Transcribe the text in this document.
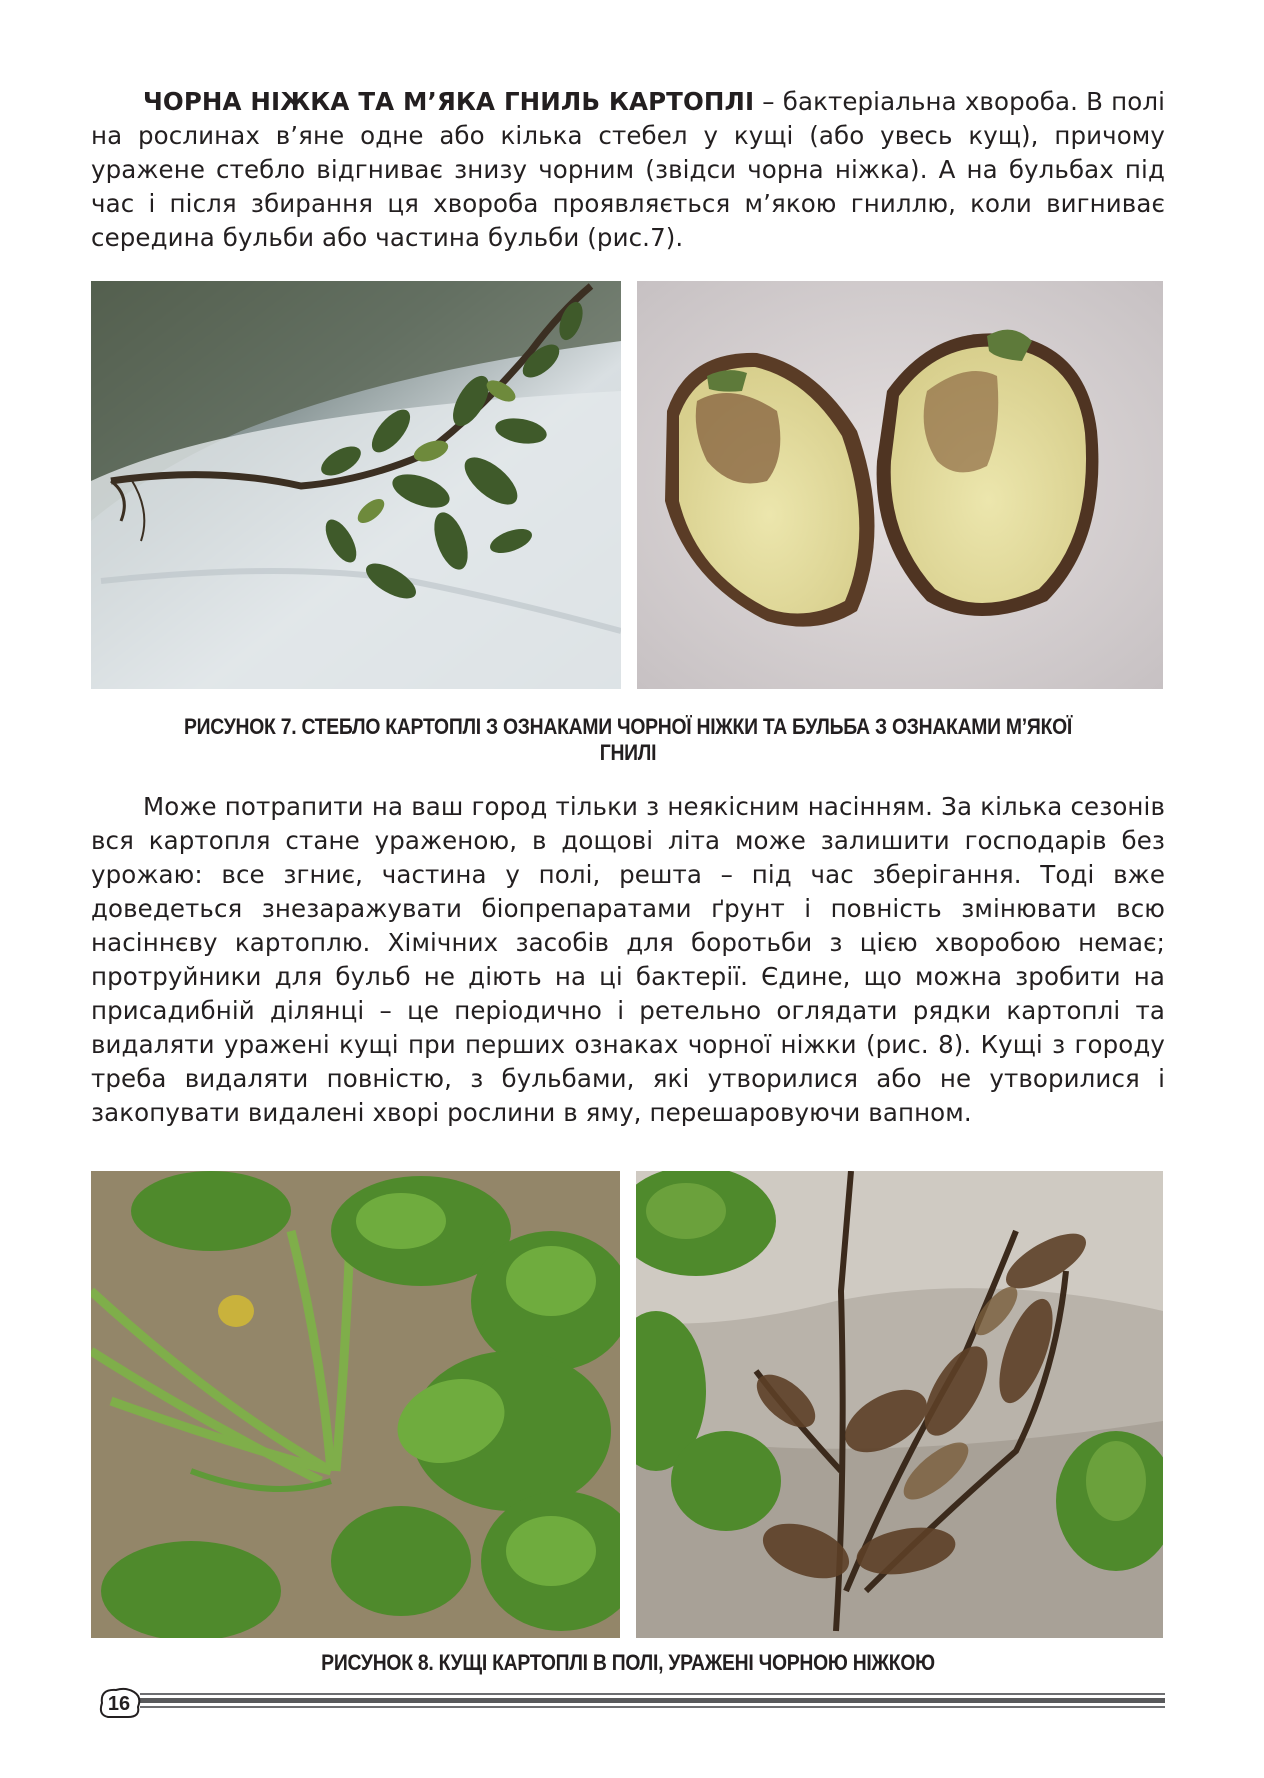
ЧОРНА НІЖКА ТА М’ЯКА ГНИЛЬ КАРТОПЛІ – бактеріальна хвороба. В полі на рослинах в’яне одне або кілька стебел у кущі (або увесь кущ), причому уражене стебло відгниває знизу чорним (звідси чорна ніжка). А на бульбах під час і після збирання ця хвороба проявляється м’якою гниллю, коли вигниває середина бульби або частина бульби (рис.7).

РИСУНОК 7. СТЕБЛО КАРТОПЛІ З ОЗНАКАМИ ЧОРНОЇ НІЖКИ ТА БУЛЬБА З ОЗНАКАМИ М’ЯКОЇ ГНИЛІ

Може потрапити на ваш город тільки з неякісним насінням. За кілька сезонів вся картопля стане ураженою, в дощові літа може залишити господарів без урожаю: все згниє, частина у полі, решта – під час зберігання. Тоді вже доведеться знезаражувати біопрепаратами ґрунт і повність змінювати всю насіннєву картоплю. Хімічних засобів для боротьби з цією хворобою немає; протруйники для бульб не діють на ці бактерії. Єдине, що можна зробити на присадибній ділянці – це періодично і ретельно оглядати рядки картоплі та видаляти уражені кущі при перших ознаках чорної ніжки (рис. 8). Кущі з городу треба видаляти повністю, з бульбами, які утворилися або не утворилися і закопувати видалені хворі рослини в яму, перешаровуючи вапном.

РИСУНОК 8. КУЩІ КАРТОПЛІ В ПОЛІ, УРАЖЕНІ ЧОРНОЮ НІЖКОЮ
16
